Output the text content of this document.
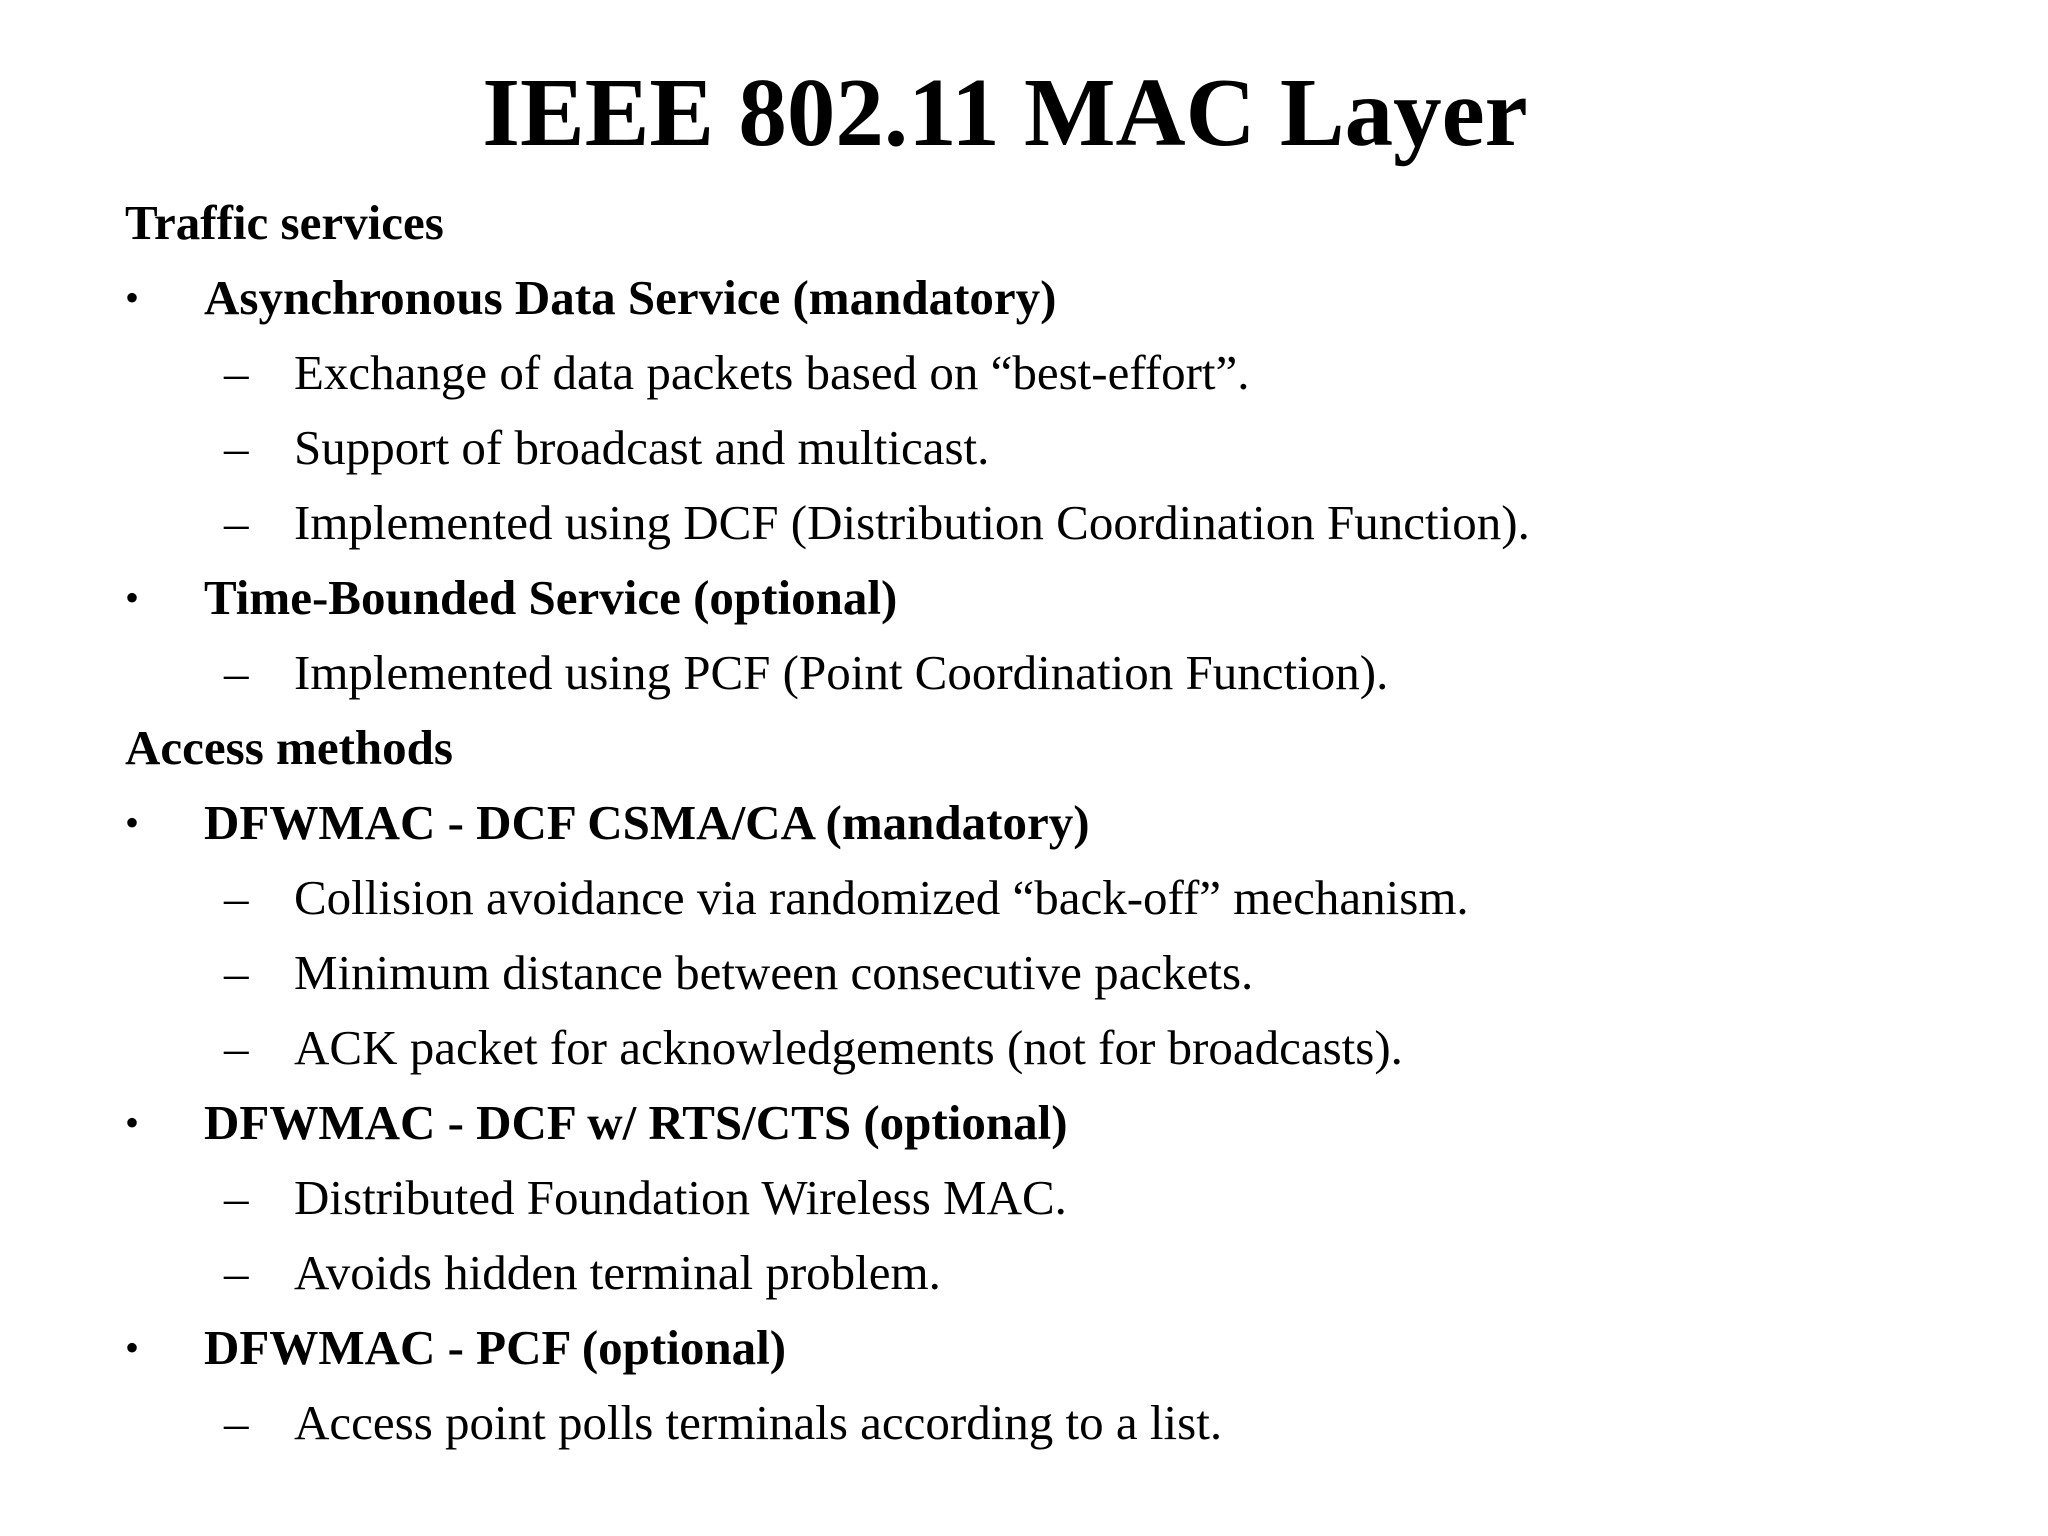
IEEE 802.11 MAC Layer
Traffic services
• Asynchronous Data Service (mandatory)
– Exchange of data packets based on “best-effort”.
– Support of broadcast and multicast.
– Implemented using DCF (Distribution Coordination Function).
• Time-Bounded Service (optional)
– Implemented using PCF (Point Coordination Function).
Access methods
• DFWMAC - DCF CSMA/CA (mandatory)
– Collision avoidance via randomized “back-off” mechanism.
– Minimum distance between consecutive packets.
– ACK packet for acknowledgements (not for broadcasts).
• DFWMAC - DCF w/ RTS/CTS (optional)
– Distributed Foundation Wireless MAC.
– Avoids hidden terminal problem.
• DFWMAC - PCF (optional)
– Access point polls terminals according to a list.
